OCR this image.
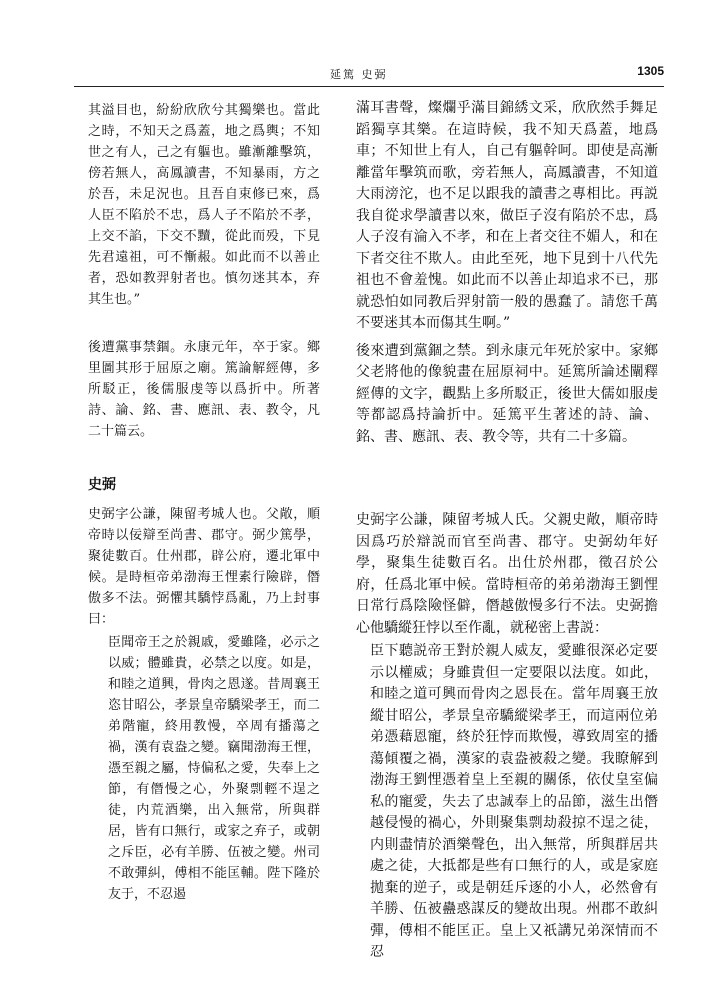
延篤 史弼	1305

其溢目也，紛紛欣欣兮其獨樂也。當此之時，不知天之爲蓋，地之爲輿；不知世之有人，己之有軀也。雖漸離擊筑，傍若無人，高鳳讀書，不知暴雨，方之於吾，未足況也。且吾自束修已來，爲人臣不陷於不忠，爲人子不陷於不孝，上交不諂，下交不黷，從此而殁，下見先君遠祖，可不慚赧。如此而不以善止者，恐如教羿射者也。慎勿迷其本，弃其生也。”

後遭黨事禁錮。永康元年，卒于家。鄉里圖其形于屈原之廟。篤論解經傳，多所駁正，後儒服虔等以爲折中。所著詩、論、銘、書、應訊、表、教令，凡二十篇云。

史弼

史弼字公謙，陳留考城人也。父敞，順帝時以佞辯至尚書、郡守。弼少篤學，聚徒數百。仕州郡，辟公府，遷北軍中候。是時桓帝弟渤海王悝素行險辟，僭傲多不法。弼懼其驕悖爲亂，乃上封事曰：

臣聞帝王之於親戚，愛雖隆，必示之以威；體雖貴，必禁之以度。如是，和睦之道興，骨肉之恩遂。昔周襄王恣甘昭公，孝景皇帝驕梁孝王，而二弟階寵，終用教慢，卒周有播蕩之禍，漢有袁盎之變。竊聞渤海王悝，憑至親之屬，恃偏私之愛，失奉上之節，有僭慢之心，外聚剽輕不逞之徒，内荒酒樂，出入無常，所與群居，皆有口無行，或家之弃子，或朝之斥臣，必有羊勝、伍被之變。州司不敢彈糾，傅相不能匡輔。陛下隆於友于，不忍遏

滿耳書聲，燦爛乎滿目錦綉文采，欣欣然手舞足蹈獨享其樂。在這時候，我不知天爲蓋，地爲車；不知世上有人，自己有軀幹呵。即使是高漸離當年擊筑而歌，旁若無人，高鳳讀書，不知道大雨滂沱，也不足以跟我的讀書之專相比。再説我自從求學讀書以來，做臣子沒有陷於不忠，爲人子沒有淪入不孝，和在上者交往不媚人，和在下者交往不欺人。由此至死，地下見到十八代先祖也不會羞愧。如此而不以善止却追求不已，那就恐怕如同教后羿射箭一般的愚蠢了。請您千萬不要迷其本而傷其生啊。”

後來遭到黨錮之禁。到永康元年死於家中。家鄉父老將他的像貌畫在屈原祠中。延篤所論述闡釋經傳的文字，觀點上多所駁正，後世大儒如服虔等都認爲持論折中。延篤平生著述的詩、論、銘、書、應訊、表、教令等，共有二十多篇。

史弼字公謙，陳留考城人氏。父親史敞，順帝時因爲巧於辯説而官至尚書、郡守。史弼幼年好學，聚集生徒數百名。出仕於州郡，徵召於公府，任爲北軍中候。當時桓帝的弟弟渤海王劉悝日常行爲陰險怪僻，僭越傲慢多行不法。史弼擔心他驕縱狂悖以至作亂，就秘密上書説：

臣下聽説帝王對於親人威友，愛雖很深必定要示以權威；身雖貴但一定要限以法度。如此，和睦之道可興而骨肉之恩長在。當年周襄王放縱甘昭公，孝景皇帝驕縱梁孝王，而這兩位弟弟憑藉恩寵，終於狂悖而欺慢，導致周室的播蕩傾覆之禍，漢家的袁盎被殺之變。我瞭解到渤海王劉悝憑着皇上至親的關係，依仗皇室偏私的寵愛，失去了忠誠奉上的品節，滋生出僭越侵慢的禍心，外則聚集剽劫殺掠不逞之徒，内則盡情於酒樂聲色，出入無常，所與群居共處之徒，大抵都是些有口無行的人，或是家庭拋棄的逆子，或是朝廷斥逐的小人，必然會有羊勝、伍被蠱惑謀反的變故出現。州郡不敢糾彈，傅相不能匡正。皇上又祇講兄弟深情而不忍
